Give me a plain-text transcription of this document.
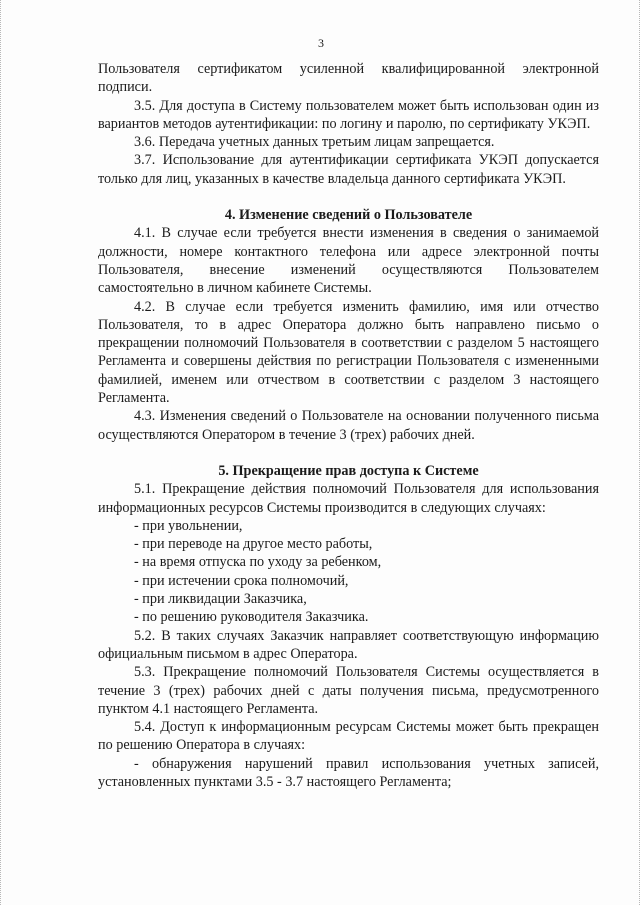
3

Пользователя сертификатом усиленной квалифицированной электронной подписи.

3.5. Для доступа в Систему пользователем может быть использован один из вариантов методов аутентификации: по логину и паролю, по сертификату УКЭП.

3.6. Передача учетных данных третьим лицам запрещается.

3.7. Использование для аутентификации сертификата УКЭП допускается только для лиц, указанных в качестве владельца данного сертификата УКЭП.

4. Изменение сведений о Пользователе

4.1. В случае если требуется внести изменения в сведения о занимаемой должности, номере контактного телефона или адресе электронной почты Пользователя, внесение изменений осуществляются Пользователем самостоятельно в личном кабинете Системы.

4.2. В случае если требуется изменить фамилию, имя или отчество Пользователя, то в адрес Оператора должно быть направлено письмо о прекращении полномочий Пользователя в соответствии с разделом 5 настоящего Регламента и совершены действия по регистрации Пользователя с измененными фамилией, именем или отчеством в соответствии с разделом 3 настоящего Регламента.

4.3. Изменения сведений о Пользователе на основании полученного письма осуществляются Оператором в течение 3 (трех) рабочих дней.

5. Прекращение прав доступа к Системе

5.1. Прекращение действия полномочий Пользователя для использования информационных ресурсов Системы производится в следующих случаях:

- при увольнении,

- при переводе на другое место работы,

- на время отпуска по уходу за ребенком,

- при истечении срока полномочий,

- при ликвидации Заказчика,

- по решению руководителя Заказчика.

5.2. В таких случаях Заказчик направляет соответствующую информацию официальным письмом в адрес Оператора.

5.3. Прекращение полномочий Пользователя Системы осуществляется в течение 3 (трех) рабочих дней с даты получения письма, предусмотренного пунктом 4.1 настоящего Регламента.

5.4. Доступ к информационным ресурсам Системы может быть прекращен по решению Оператора в случаях:

- обнаружения нарушений правил использования учетных записей, установленных пунктами 3.5 - 3.7 настоящего Регламента;
